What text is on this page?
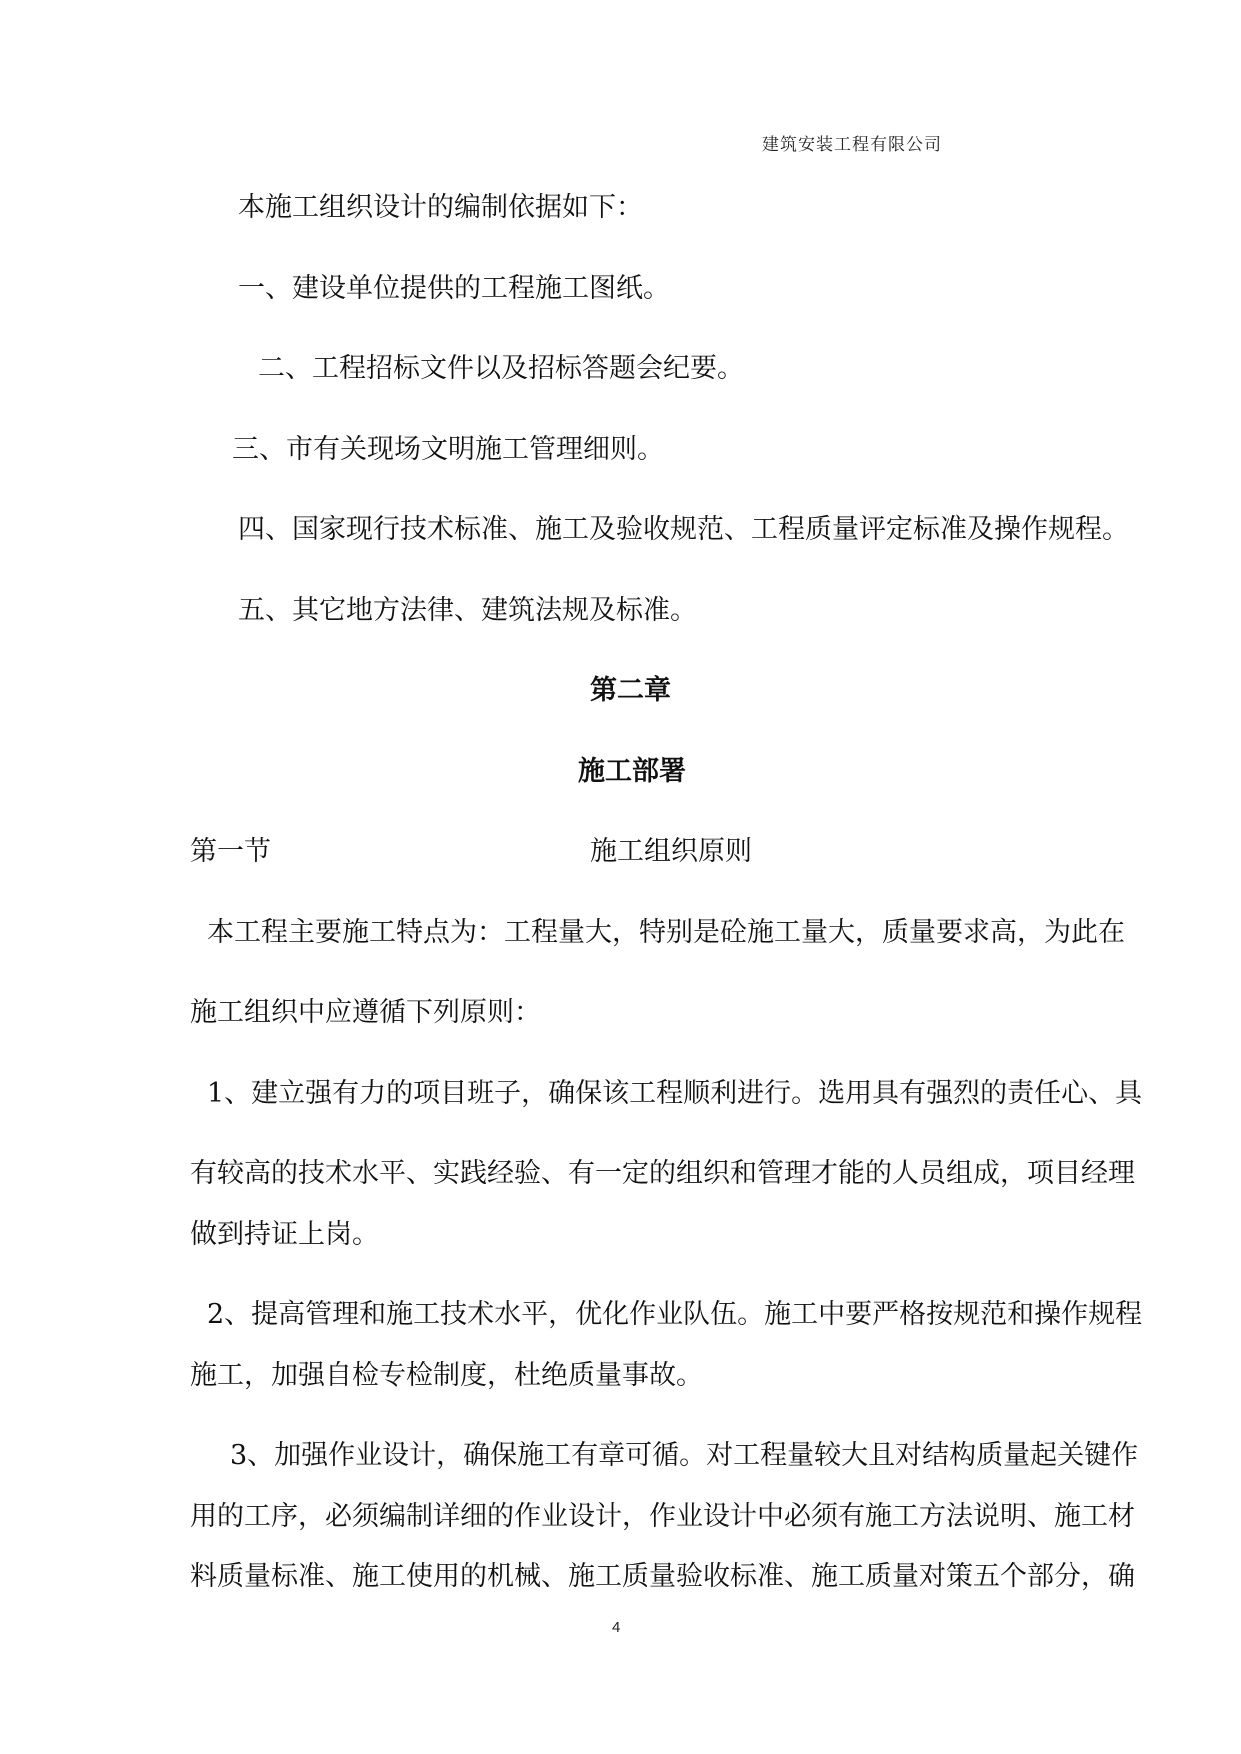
建筑安装工程有限公司
本施工组织设计的编制依据如下：
一、建设单位提供的工程施工图纸。
二、工程招标文件以及招标答题会纪要。
三、市有关现场文明施工管理细则。
四、国家现行技术标准、施工及验收规范、工程质量评定标准及操作规程。
五、其它地方法律、建筑法规及标准。
第二章
施工部署
第一节	施工组织原则
本工程主要施工特点为：工程量大，特别是砼施工量大，质量要求高，为此在
施工组织中应遵循下列原则：
1、建立强有力的项目班子，确保该工程顺利进行。选用具有强烈的责任心、具
有较高的技术水平、实践经验、有一定的组织和管理才能的人员组成，项目经理
做到持证上岗。
2、提高管理和施工技术水平，优化作业队伍。施工中要严格按规范和操作规程
施工，加强自检专检制度，杜绝质量事故。
3、加强作业设计，确保施工有章可循。对工程量较大且对结构质量起关键作
用的工序，必须编制详细的作业设计，作业设计中必须有施工方法说明、施工材
料质量标准、施工使用的机械、施工质量验收标准、施工质量对策五个部分，确
4
